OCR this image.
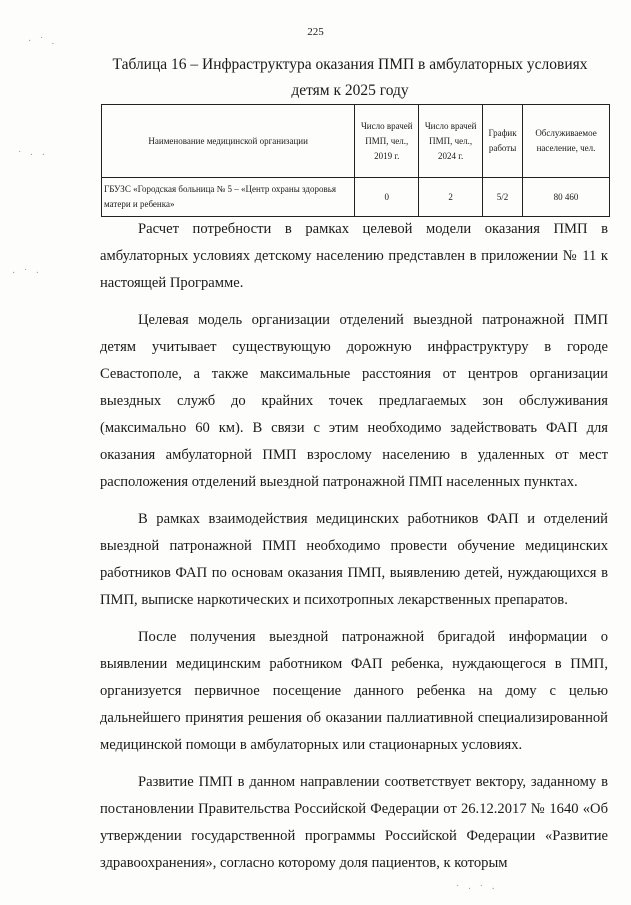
225
Таблица 16 – Инфраструктура оказания ПМП в амбулаторных условиях
детям к 2025 году
Наименование медицинской организации	Число врачей ПМП, чел., 2019 г.	Число врачей ПМП, чел., 2024 г.	График работы	Обслуживаемое население, чел.
ГБУЗС «Городская больница № 5 – «Центр охраны здоровья матери и ребенка»	0	2	5/2	80 460

Расчет потребности в рамках целевой модели оказания ПМП в амбулаторных условиях детскому населению представлен в приложении № 11 к настоящей Программе.

Целевая модель организации отделений выездной патронажной ПМП детям учитывает существующую дорожную инфраструктуру в городе Севастополе, а также максимальные расстояния от центров организации выездных служб до крайних точек предлагаемых зон обслуживания (максимально 60 км). В связи с этим необходимо задействовать ФАП для оказания амбулаторной ПМП взрослому населению в удаленных от мест расположения отделений выездной патронажной ПМП населенных пунктах.

В рамках взаимодействия медицинских работников ФАП и отделений выездной патронажной ПМП необходимо провести обучение медицинских работников ФАП по основам оказания ПМП, выявлению детей, нуждающихся в ПМП, выписке наркотических и психотропных лекарственных препаратов.

После получения выездной патронажной бригадой информации о выявлении медицинским работником ФАП ребенка, нуждающегося в ПМП, организуется первичное посещение данного ребенка на дому с целью дальнейшего принятия решения об оказании паллиативной специализированной медицинской помощи в амбулаторных или стационарных условиях.

Развитие ПМП в данном направлении соответствует вектору, заданному в постановлении Правительства Российской Федерации от 26.12.2017 № 1640 «Об утверждении государственной программы Российской Федерации «Развитие здравоохранения», согласно которому доля пациентов, к которым

· ˙ .
˙ · ·
· ˙ ·
˙ · ˙ ·
